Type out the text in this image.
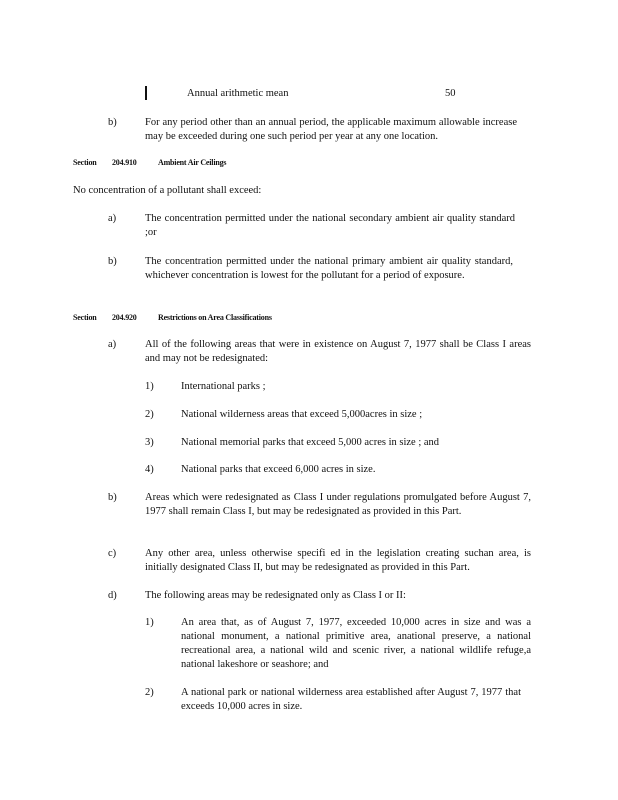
Annual arithmetic mean	50
b)	For any period other than an annual period, the applicable maximum allowable increase may be exceeded during one such period per year at any one location.
Section 204.910	Ambient Air Ceilings
No concentration of a pollutant shall exceed:
a)	The concentration permitted under the national secondary ambient air quality standard ;or
b)	The concentration permitted under the national primary ambient air quality standard, whichever concentration is lowest for the pollutant for a period of exposure.
Section 204.920	Restrictions on Area Classifications
a)	All of the following areas that were in existence on August 7, 1977 shall be Class I areas and may not be redesignated:
1)	International parks ;
2)	National wilderness areas that exceed 5,000acres in size ;
3)	National memorial parks that exceed 5,000 acres in size ; and
4)	National parks that exceed 6,000 acres in size.
b)	Areas which were redesignated as Class I under regulations promulgated before August 7, 1977 shall remain Class I, but may be redesignated as provided in this Part.
c)	Any other area, unless otherwise specifi ed in the legislation creating suchan area, is initially designated Class II, but may be redesignated as provided in this Part.
d)	The following areas may be redesignated only as Class I or II:
1)	An area that, as of August 7, 1977, exceeded 10,000 acres in size and was a national monument, a national primitive area, anational preserve, a national recreational area, a national wild and scenic river, a national wildlife refuge,a national lakeshore or seashore; and
2)	A national park or national wilderness area established after August 7, 1977 that exceeds 10,000 acres in size.
